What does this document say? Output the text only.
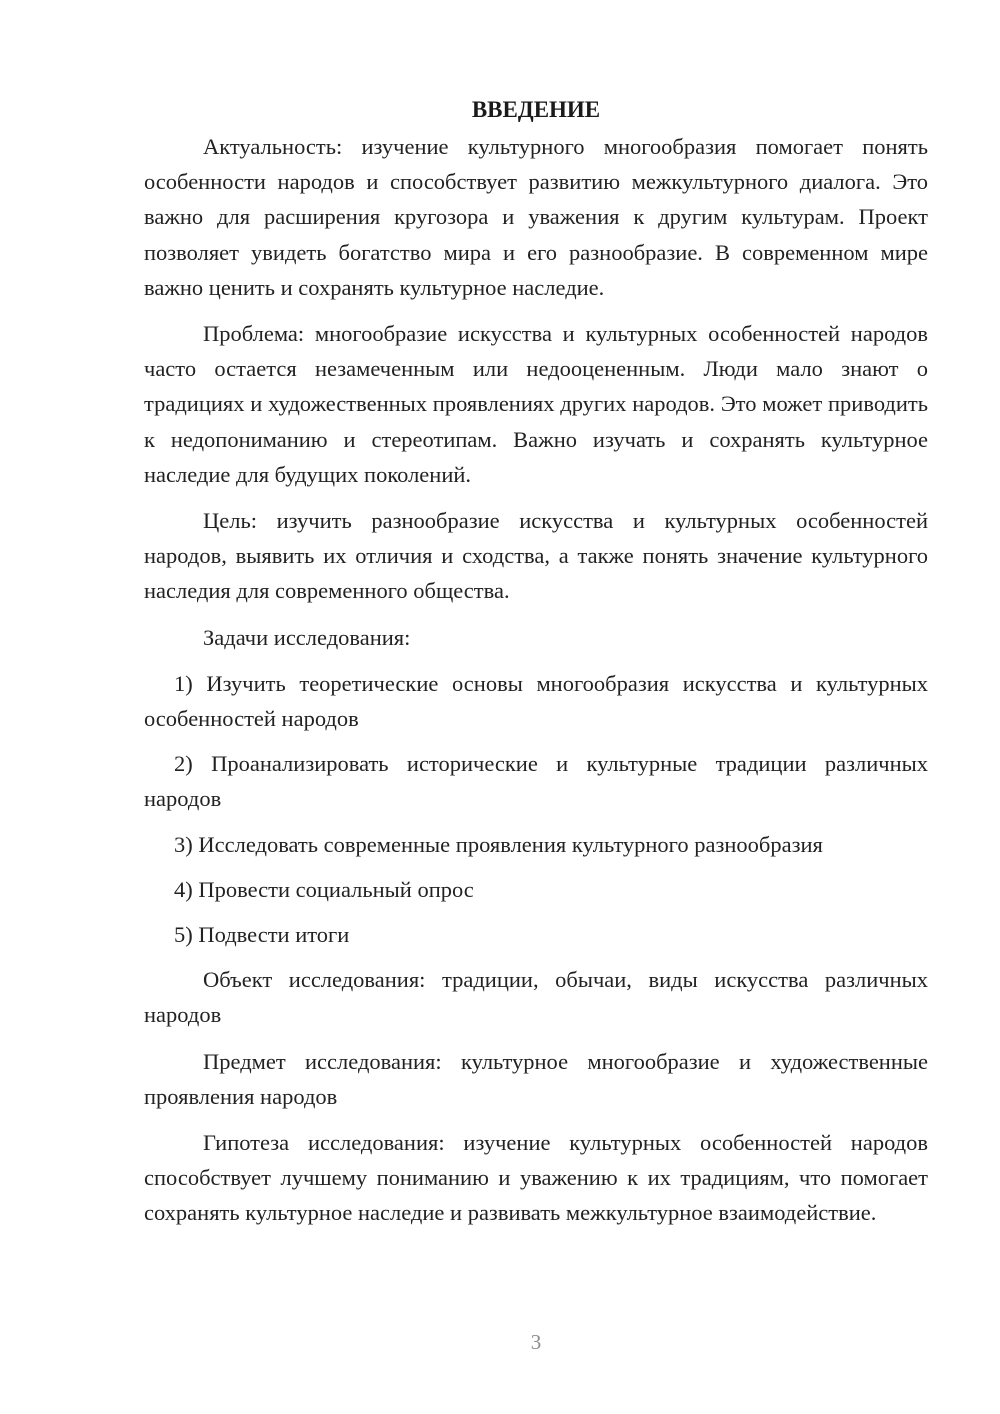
ВВЕДЕНИЕ

Актуальность: изучение культурного многообразия помогает понять особенности народов и способствует развитию межкультурного диалога. Это важно для расширения кругозора и уважения к другим культурам. Проект позволяет увидеть богатство мира и его разнообразие. В современном мире важно ценить и сохранять культурное наследие.

Проблема: многообразие искусства и культурных особенностей народов часто остается незамеченным или недооцененным. Люди мало знают о традициях и художественных проявлениях других народов. Это может приводить к недопониманию и стереотипам. Важно изучать и сохранять культурное наследие для будущих поколений.

Цель: изучить разнообразие искусства и культурных особенностей народов, выявить их отличия и сходства, а также понять значение культурного наследия для современного общества.

Задачи исследования:

1) Изучить теоретические основы многообразия искусства и культурных особенностей народов

2) Проанализировать исторические и культурные традиции различных народов

3) Исследовать современные проявления культурного разнообразия

4) Провести социальный опрос

5) Подвести итоги

Объект исследования: традиции, обычаи, виды искусства различных народов

Предмет исследования: культурное многообразие и художественные проявления народов

Гипотеза исследования: изучение культурных особенностей народов способствует лучшему пониманию и уважению к их традициям, что помогает сохранять культурное наследие и развивать межкультурное взаимодействие.

3
